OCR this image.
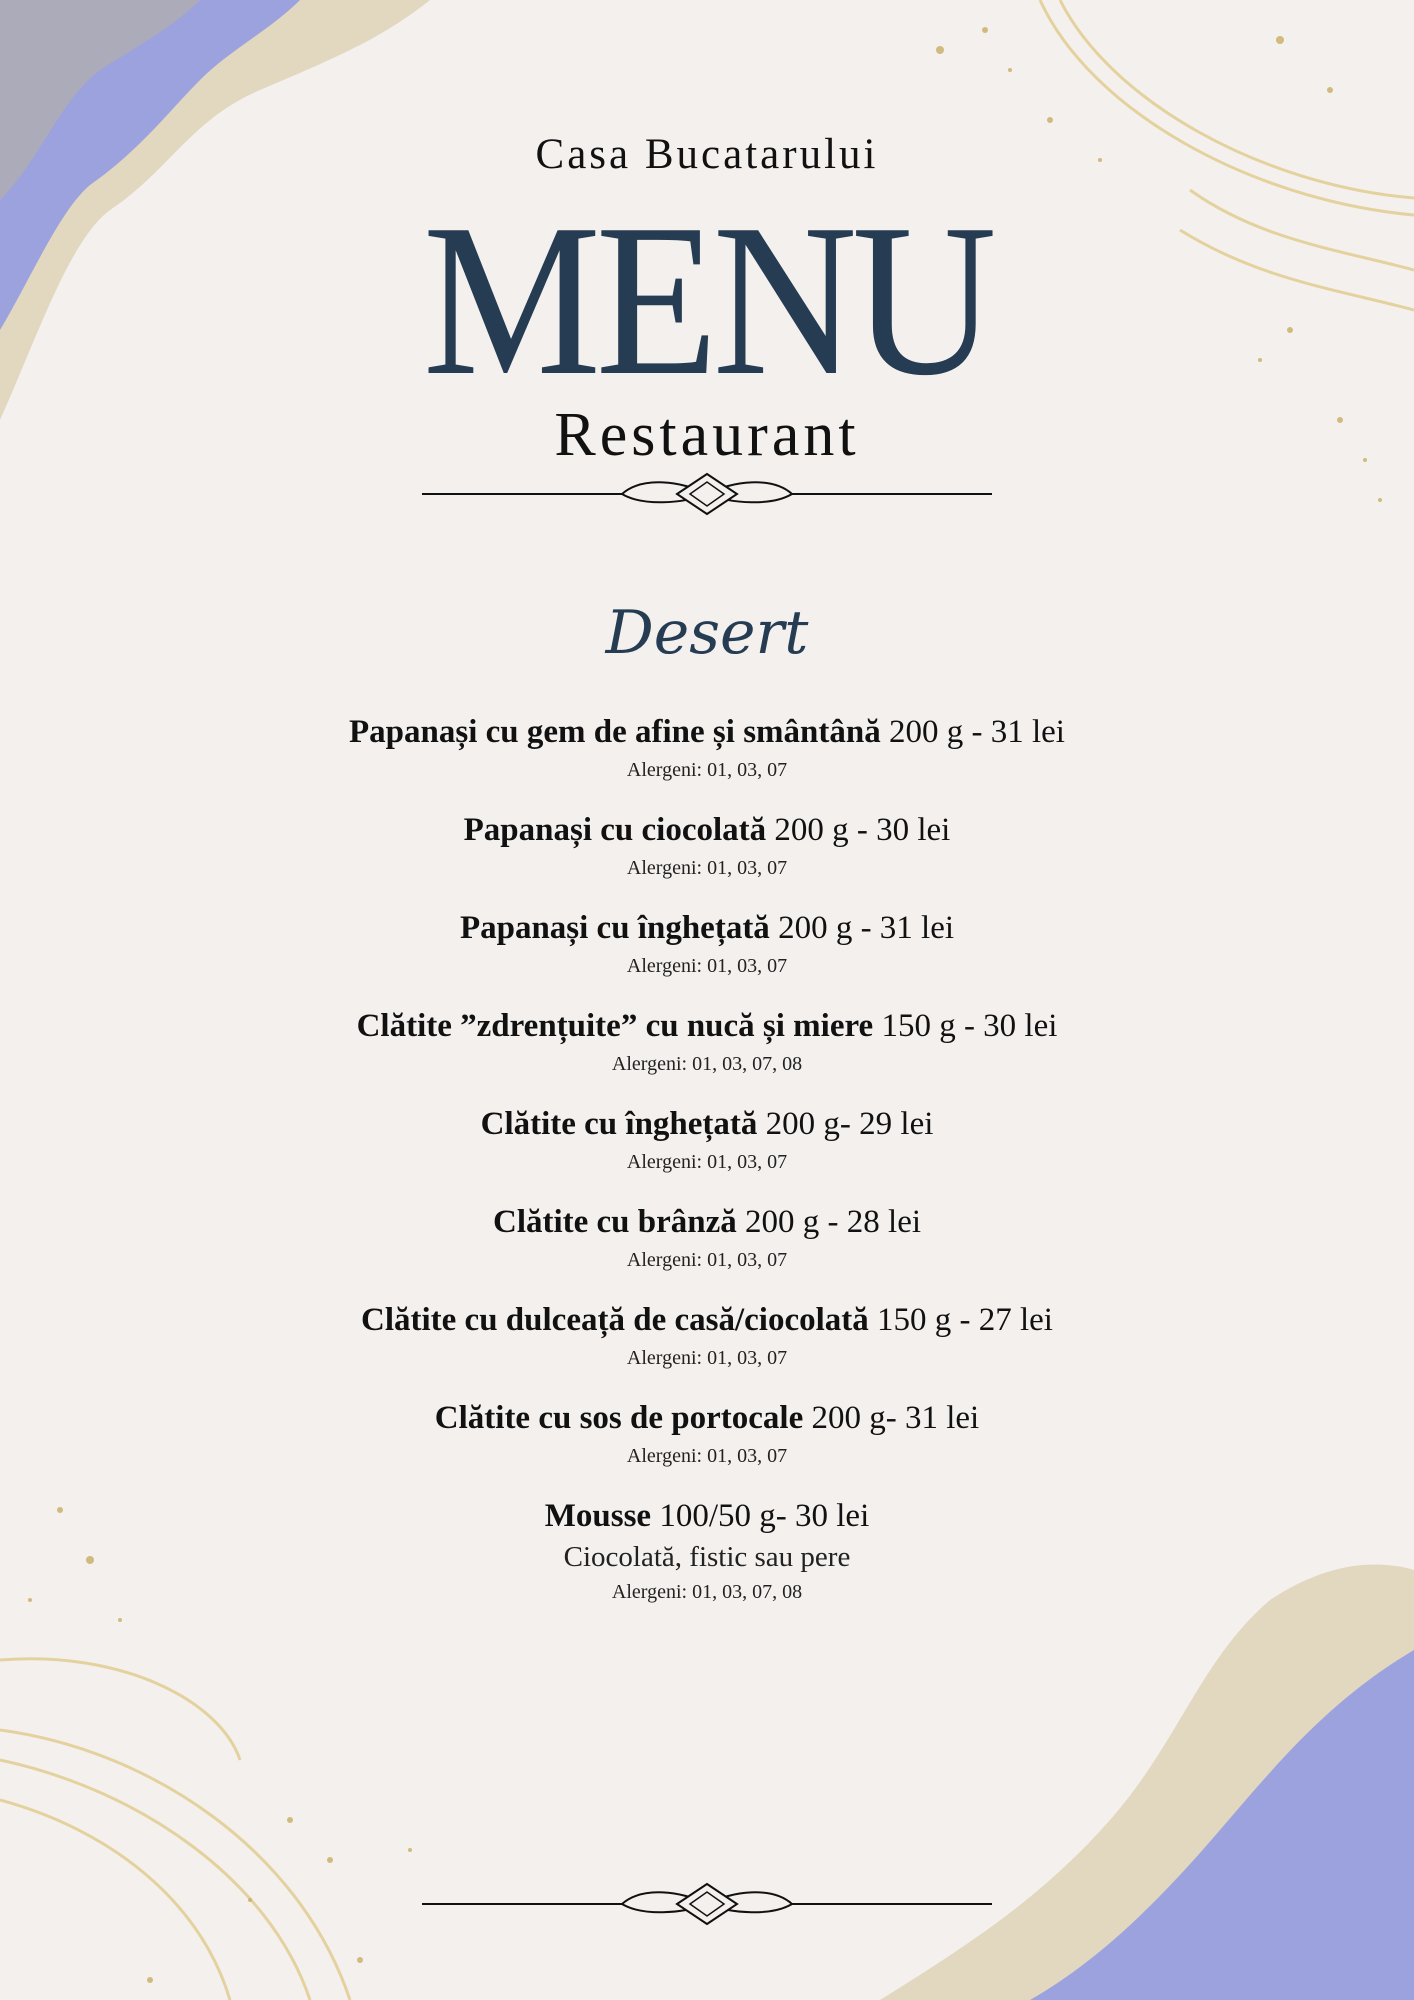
Casa Bucatarului
MENU
Restaurant
Desert
Papanași cu gem de afine și smântână 200 g - 31 lei
Alergeni: 01, 03, 07
Papanași cu ciocolată 200 g - 30 lei
Alergeni: 01, 03, 07
Papanași cu înghețată 200 g - 31 lei
Alergeni: 01, 03, 07
Clătite ”zdrențuite” cu nucă și miere 150 g - 30 lei
Alergeni: 01, 03, 07, 08
Clătite cu înghețată 200 g- 29 lei
Alergeni: 01, 03, 07
Clătite cu brânză 200 g - 28 lei
Alergeni: 01, 03, 07
Clătite cu dulceață de casă/ciocolată 150 g - 27 lei
Alergeni: 01, 03, 07
Clătite cu sos de portocale 200 g- 31 lei
Alergeni: 01, 03, 07
Mousse 100/50 g- 30 lei
Ciocolată, fistic sau pere
Alergeni: 01, 03, 07, 08
